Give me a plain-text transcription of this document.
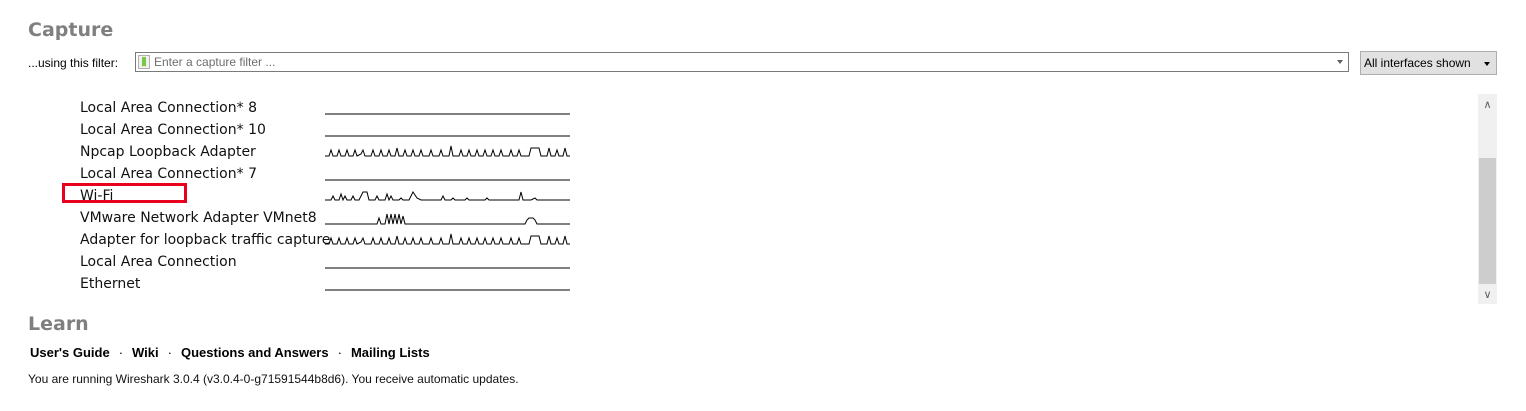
Capture
...using this filter:
Enter a capture filter ...	All interfaces shown
Local Area Connection* 8
Local Area Connection* 10
Npcap Loopback Adapter
Local Area Connection* 7
Wi-Fi
VMware Network Adapter VMnet8
Adapter for loopback traffic capture
Local Area Connection
Ethernet
∧
∨
Learn
User's Guide · Wiki · Questions and Answers · Mailing Lists
You are running Wireshark 3.0.4 (v3.0.4-0-g71591544b8d6). You receive automatic updates.
